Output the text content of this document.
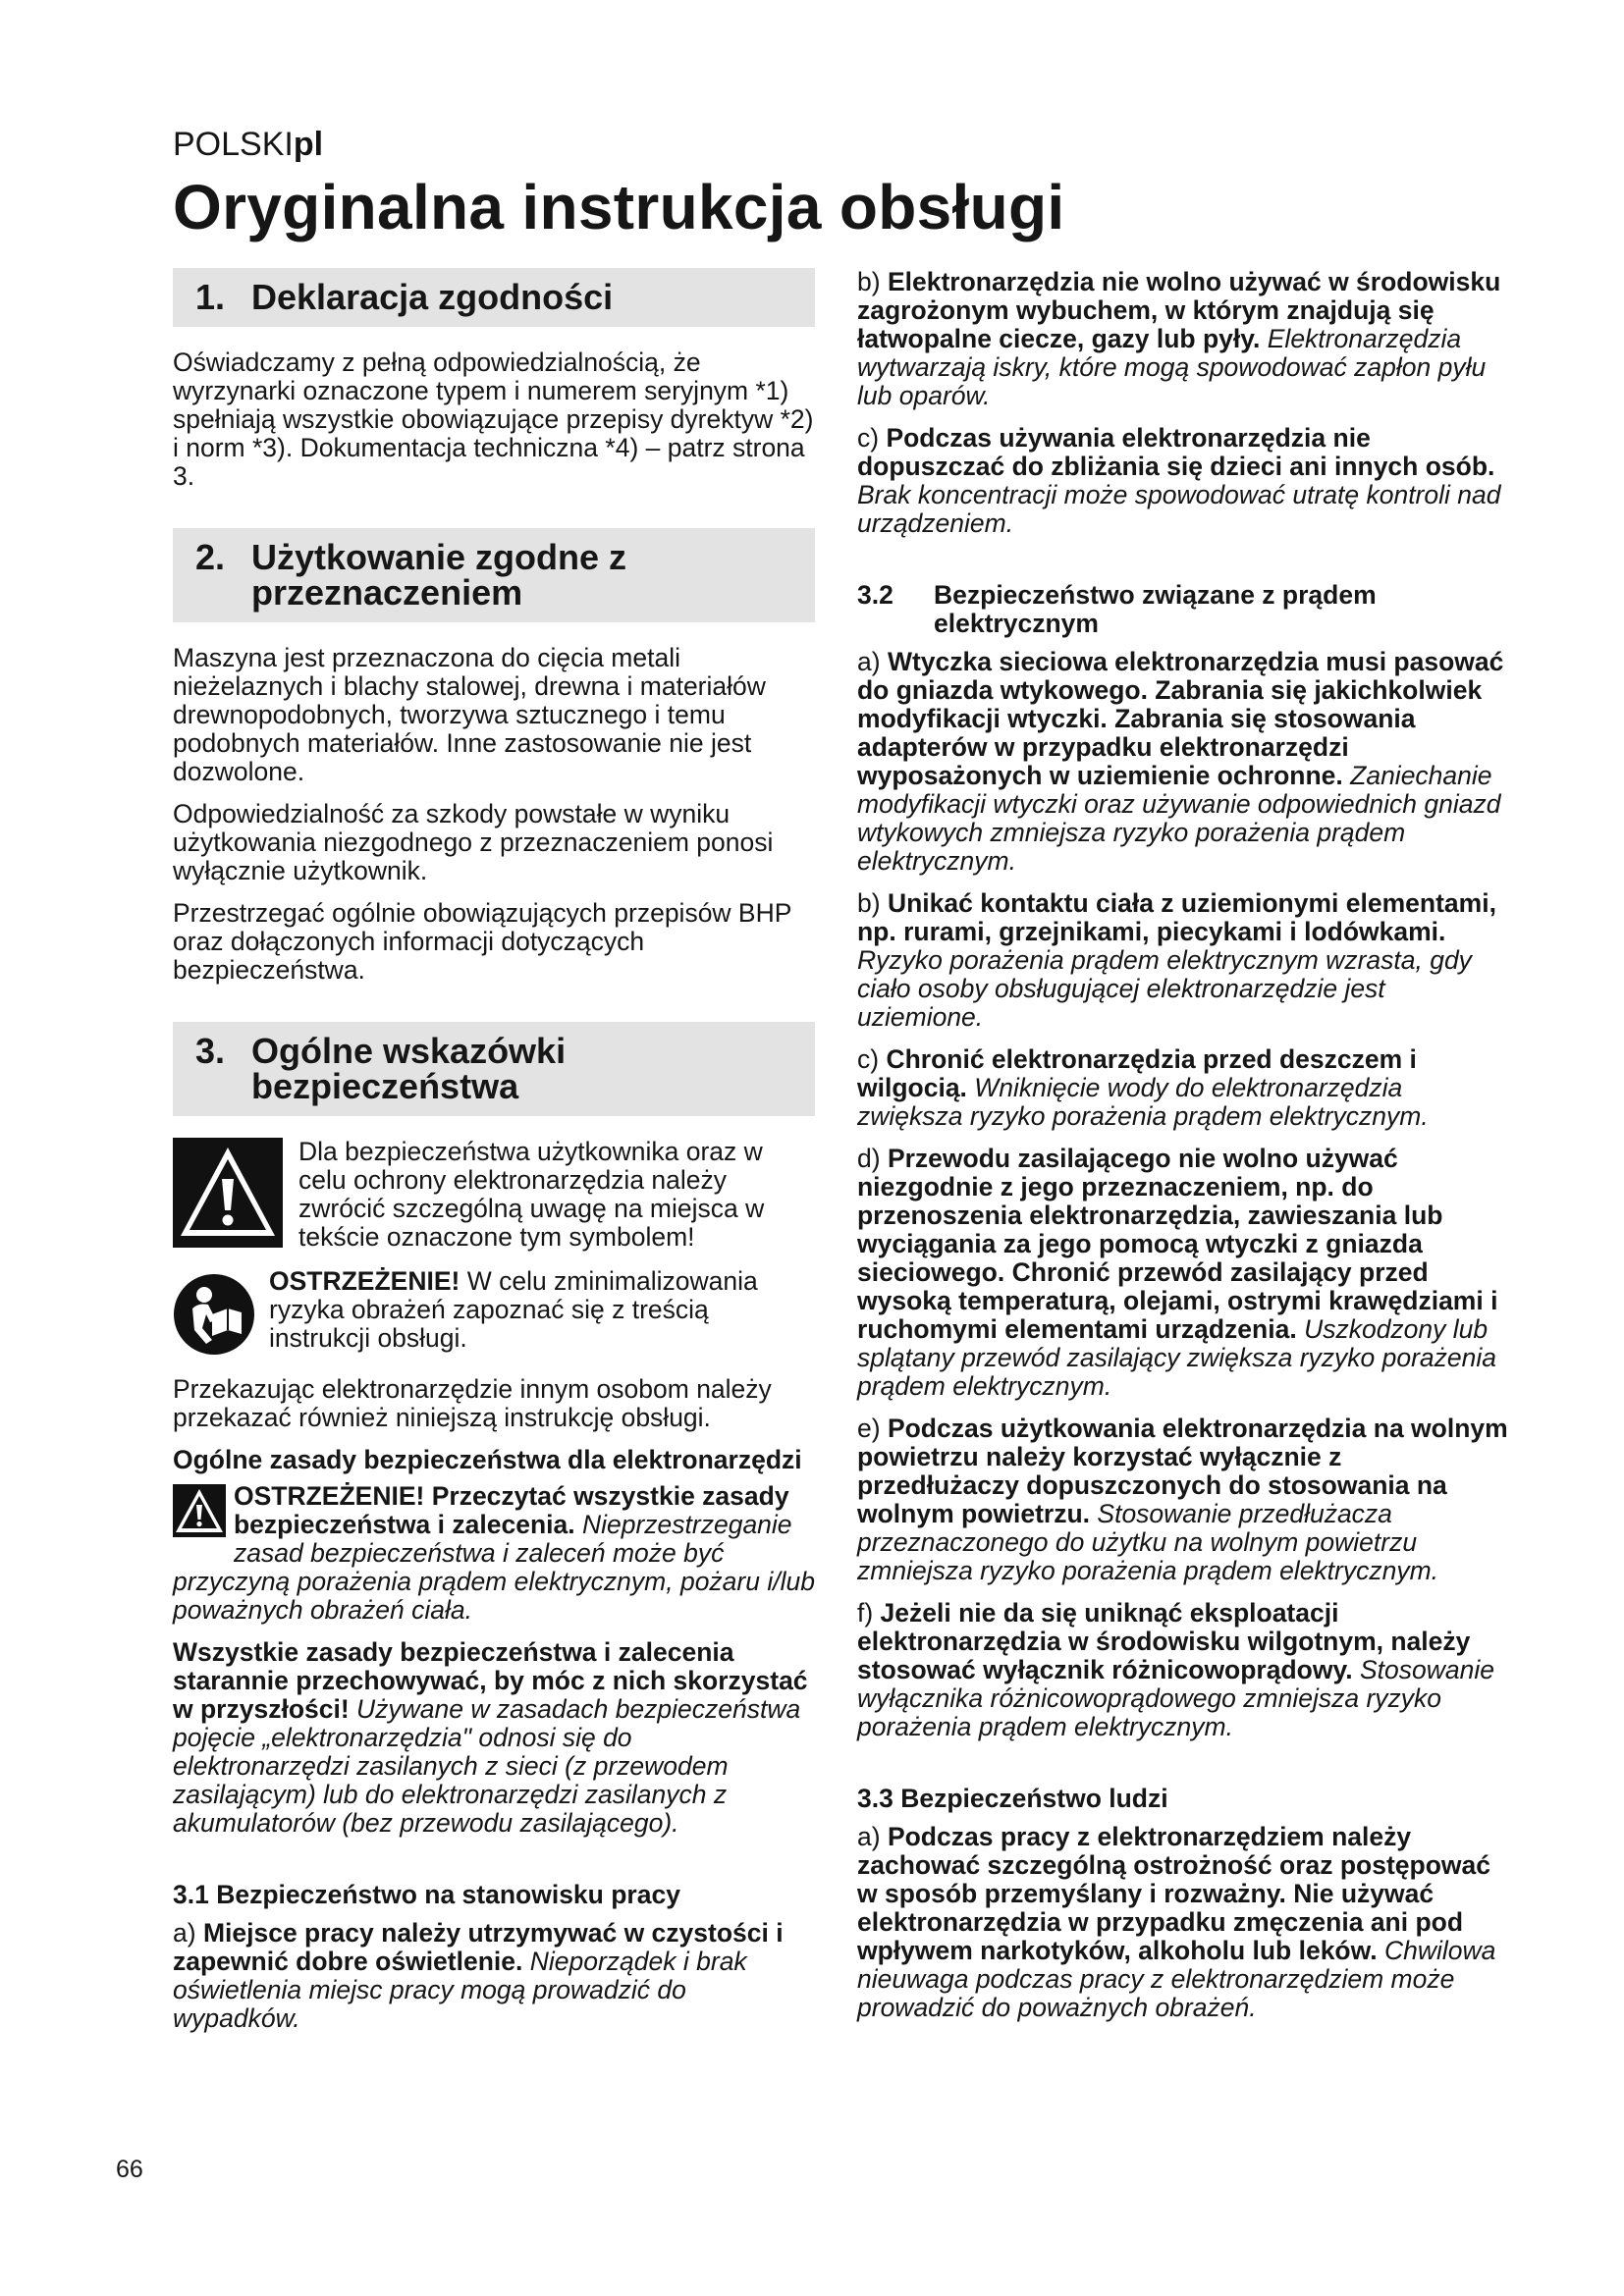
POLSKIpl
Oryginalna instrukcja obsługi
1. Deklaracja zgodności

Oświadczamy z pełną odpowiedzialnością, że wyrzynarki oznaczone typem i numerem seryjnym *1) spełniają wszystkie obowiązujące przepisy dyrektyw *2) i norm *3). Dokumentacja techniczna *4) – patrz strona 3.

2. Użytkowanie zgodne z przeznaczeniem

Maszyna jest przeznaczona do cięcia metali nieżelaznych i blachy stalowej, drewna i materiałów drewnopodobnych, tworzywa sztucznego i temu podobnych materiałów. Inne zastosowanie nie jest dozwolone.

Odpowiedzialność za szkody powstałe w wyniku użytkowania niezgodnego z przeznaczeniem ponosi wyłącznie użytkownik.

Przestrzegać ogólnie obowiązujących przepisów BHP oraz dołączonych informacji dotyczących bezpieczeństwa.

3. Ogólne wskazówki bezpieczeństwa
Dla bezpieczeństwa użytkownika oraz w celu ochrony elektronarzędzia należy zwrócić szczególną uwagę na miejsca w tekście oznaczone tym symbolem!
OSTRZEŻENIE! W celu zminimalizowania ryzyka obrażeń zapoznać się z treścią instrukcji obsługi.

Przekazując elektronarzędzie innym osobom należy przekazać również niniejszą instrukcję obsługi.

Ogólne zasady bezpieczeństwa dla elektronarzędzi

OSTRZEŻENIE! Przeczytać wszystkie zasady bezpieczeństwa i zalecenia. Nieprzestrzeganie zasad bezpieczeństwa i zaleceń może być przyczyną porażenia prądem elektrycznym, pożaru i/lub poważnych obrażeń ciała.

Wszystkie zasady bezpieczeństwa i zalecenia starannie przechowywać, by móc z nich skorzystać w przyszłości! Używane w zasadach bezpieczeństwa pojęcie „elektronarzędzia" odnosi się do elektronarzędzi zasilanych z sieci (z przewodem zasilającym) lub do elektronarzędzi zasilanych z akumulatorów (bez przewodu zasilającego).

3.1 Bezpieczeństwo na stanowisku pracy

a) Miejsce pracy należy utrzymywać w czystości i zapewnić dobre oświetlenie. Nieporządek i brak oświetlenia miejsc pracy mogą prowadzić do wypadków.

b) Elektronarzędzia nie wolno używać w środowisku zagrożonym wybuchem, w którym znajdują się łatwopalne ciecze, gazy lub pyły. Elektronarzędzia wytwarzają iskry, które mogą spowodować zapłon pyłu lub oparów.

c) Podczas używania elektronarzędzia nie dopuszczać do zbliżania się dzieci ani innych osób. Brak koncentracji może spowodować utratę kontroli nad urządzeniem.

3.2	Bezpieczeństwo związane z prądem elektrycznym

a) Wtyczka sieciowa elektronarzędzia musi pasować do gniazda wtykowego. Zabrania się jakichkolwiek modyfikacji wtyczki. Zabrania się stosowania adapterów w przypadku elektronarzędzi wyposażonych w uziemienie ochronne. Zaniechanie modyfikacji wtyczki oraz używanie odpowiednich gniazd wtykowych zmniejsza ryzyko porażenia prądem elektrycznym.

b) Unikać kontaktu ciała z uziemionymi elementami, np. rurami, grzejnikami, piecykami i lodówkami. Ryzyko porażenia prądem elektrycznym wzrasta, gdy ciało osoby obsługującej elektronarzędzie jest uziemione.

c) Chronić elektronarzędzia przed deszczem i wilgocią. Wniknięcie wody do elektronarzędzia zwiększa ryzyko porażenia prądem elektrycznym.

d) Przewodu zasilającego nie wolno używać niezgodnie z jego przeznaczeniem, np. do przenoszenia elektronarzędzia, zawieszania lub wyciągania za jego pomocą wtyczki z gniazda sieciowego. Chronić przewód zasilający przed wysoką temperaturą, olejami, ostrymi krawędziami i ruchomymi elementami urządzenia. Uszkodzony lub splątany przewód zasilający zwiększa ryzyko porażenia prądem elektrycznym.

e) Podczas użytkowania elektronarzędzia na wolnym powietrzu należy korzystać wyłącznie z przedłużaczy dopuszczonych do stosowania na wolnym powietrzu. Stosowanie przedłużacza przeznaczonego do użytku na wolnym powietrzu zmniejsza ryzyko porażenia prądem elektrycznym.

f) Jeżeli nie da się uniknąć eksploatacji elektronarzędzia w środowisku wilgotnym, należy stosować wyłącznik różnicowoprądowy. Stosowanie wyłącznika różnicowoprądowego zmniejsza ryzyko porażenia prądem elektrycznym.

3.3 Bezpieczeństwo ludzi

a) Podczas pracy z elektronarzędziem należy zachować szczególną ostrożność oraz postępować w sposób przemyślany i rozważny. Nie używać elektronarzędzia w przypadku zmęczenia ani pod wpływem narkotyków, alkoholu lub leków. Chwilowa nieuwaga podczas pracy z elektronarzędziem może prowadzić do poważnych obrażeń.

66
